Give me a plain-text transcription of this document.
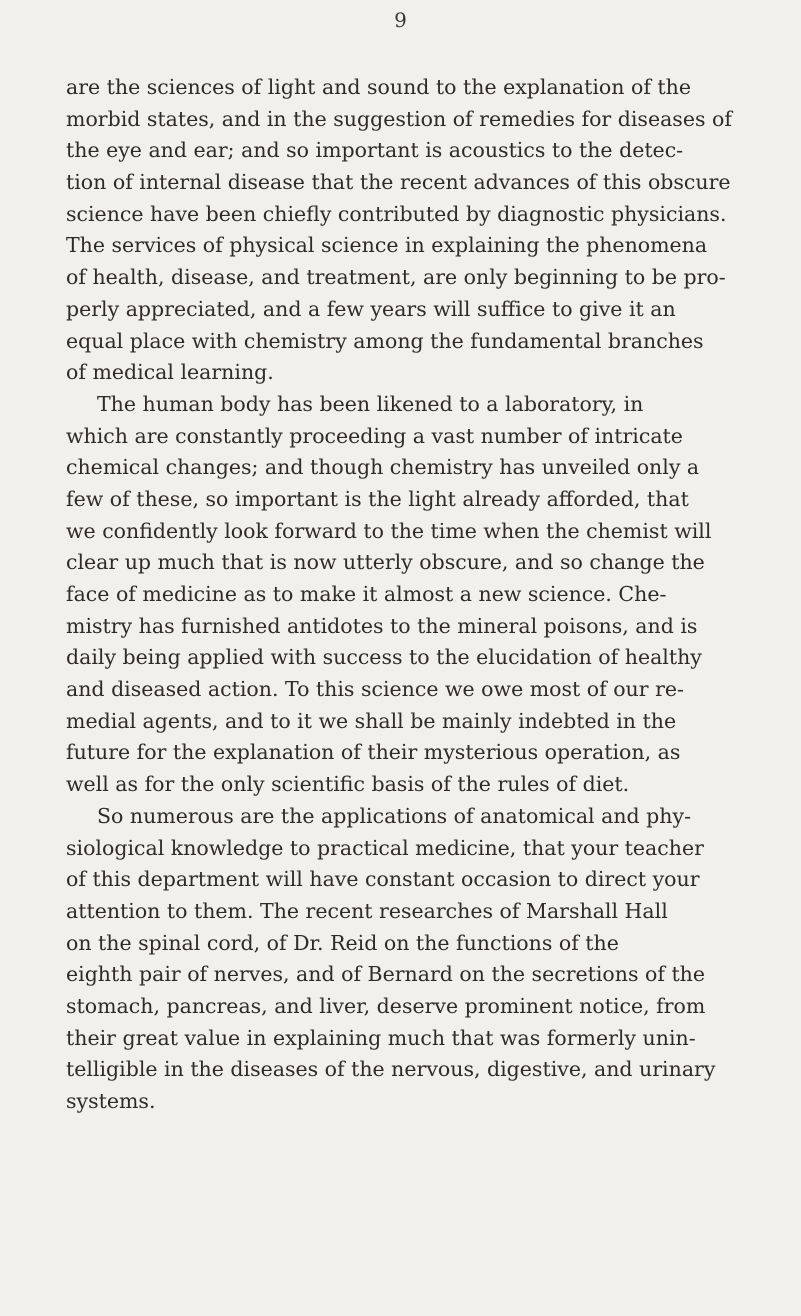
9
are the sciences of light and sound to the explanation of the
morbid states, and in the suggestion of remedies for diseases of
the eye and ear; and so important is acoustics to the detec-
tion of internal disease that the recent advances of this obscure
science have been chiefly contributed by diagnostic physicians.
The services of physical science in explaining the phenomena
of health, disease, and treatment, are only beginning to be pro-
perly appreciated, and a few years will suffice to give it an
equal place with chemistry among the fundamental branches
of medical learning.
The human body has been likened to a laboratory, in
which are constantly proceeding a vast number of intricate
chemical changes; and though chemistry has unveiled only a
few of these, so important is the light already afforded, that
we confidently look forward to the time when the chemist will
clear up much that is now utterly obscure, and so change the
face of medicine as to make it almost a new science. Che-
mistry has furnished antidotes to the mineral poisons, and is
daily being applied with success to the elucidation of healthy
and diseased action. To this science we owe most of our re-
medial agents, and to it we shall be mainly indebted in the
future for the explanation of their mysterious operation, as
well as for the only scientific basis of the rules of diet.
So numerous are the applications of anatomical and phy-
siological knowledge to practical medicine, that your teacher
of this department will have constant occasion to direct your
attention to them. The recent researches of Marshall Hall
on the spinal cord, of Dr. Reid on the functions of the
eighth pair of nerves, and of Bernard on the secretions of the
stomach, pancreas, and liver, deserve prominent notice, from
their great value in explaining much that was formerly unin-
telligible in the diseases of the nervous, digestive, and urinary
systems.
